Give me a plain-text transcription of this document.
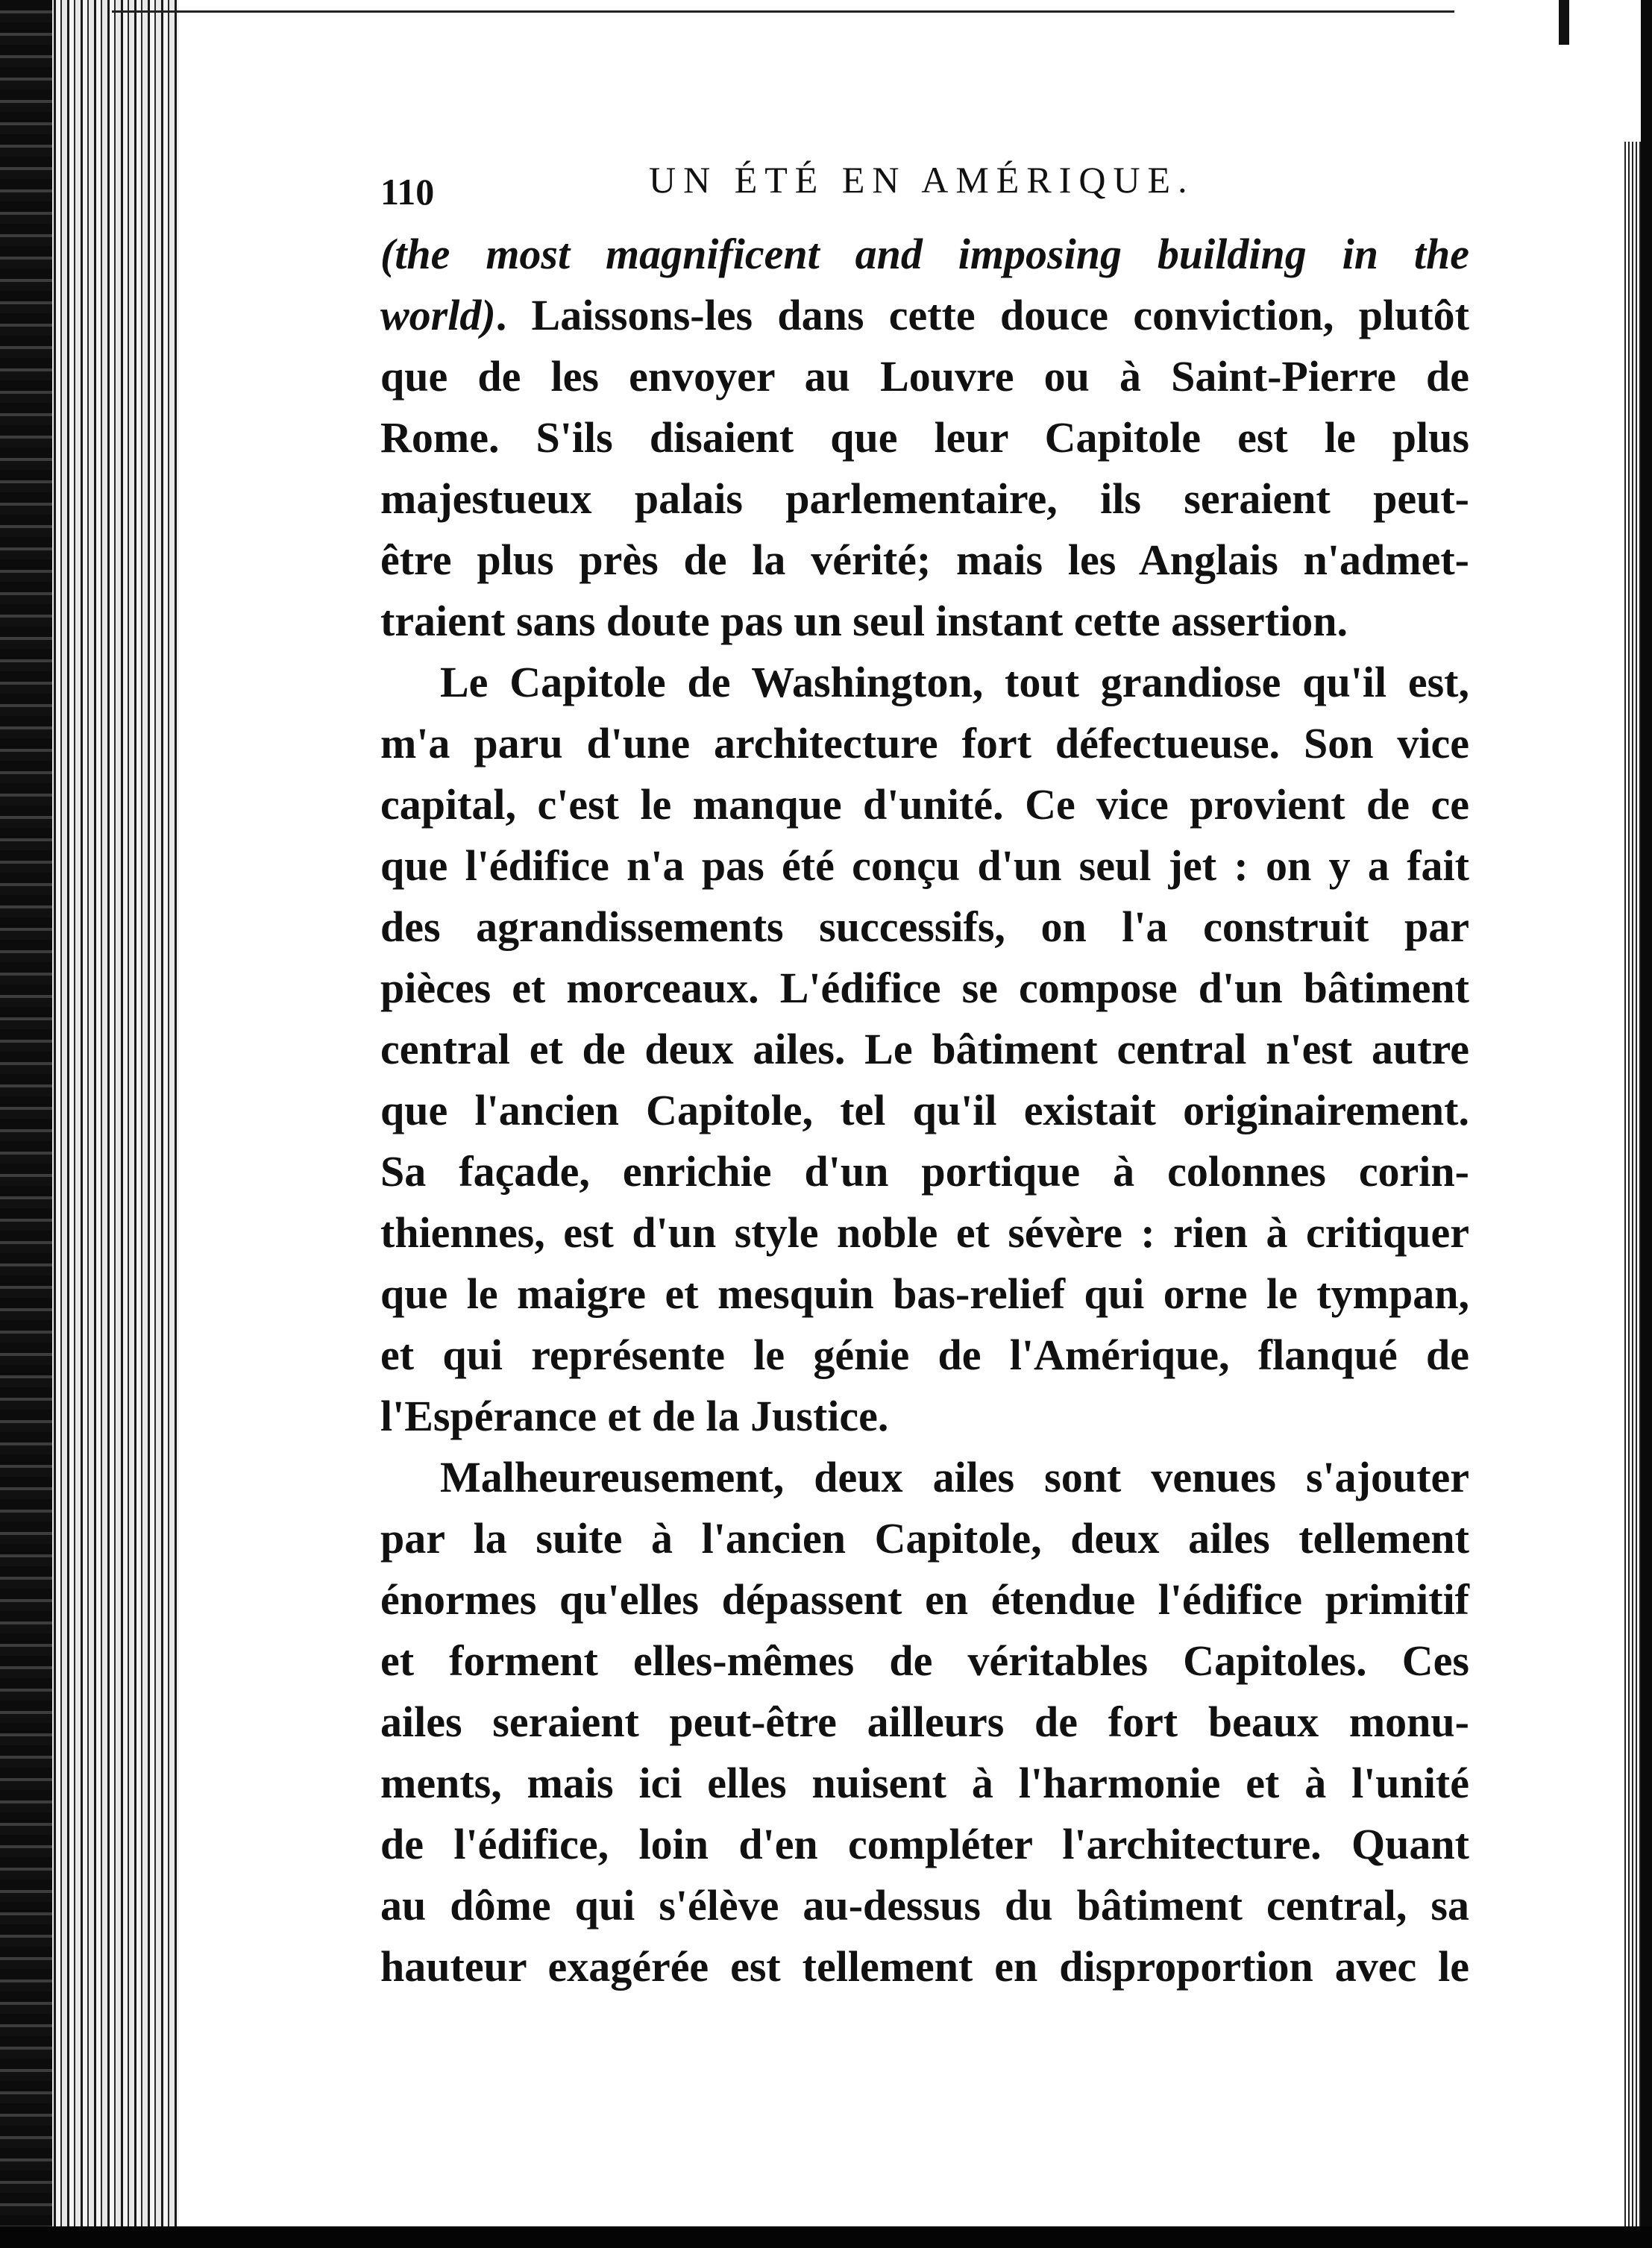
110	UN ÉTÉ EN AMÉRIQUE.
(the most magnificent and imposing building in the
world). Laissons-les dans cette douce conviction, plutôt
que de les envoyer au Louvre ou à Saint-Pierre de
Rome. S'ils disaient que leur Capitole est le plus
majestueux palais parlementaire, ils seraient peut-
être plus près de la vérité; mais les Anglais n'admet-
traient sans doute pas un seul instant cette assertion.
Le Capitole de Washington, tout grandiose qu'il est,
m'a paru d'une architecture fort défectueuse. Son vice
capital, c'est le manque d'unité. Ce vice provient de ce
que l'édifice n'a pas été conçu d'un seul jet : on y a fait
des agrandissements successifs, on l'a construit par
pièces et morceaux. L'édifice se compose d'un bâtiment
central et de deux ailes. Le bâtiment central n'est autre
que l'ancien Capitole, tel qu'il existait originairement.
Sa façade, enrichie d'un portique à colonnes corin-
thiennes, est d'un style noble et sévère : rien à critiquer
que le maigre et mesquin bas-relief qui orne le tympan,
et qui représente le génie de l'Amérique, flanqué de
l'Espérance et de la Justice.
Malheureusement, deux ailes sont venues s'ajouter
par la suite à l'ancien Capitole, deux ailes tellement
énormes qu'elles dépassent en étendue l'édifice primitif
et forment elles-mêmes de véritables Capitoles. Ces
ailes seraient peut-être ailleurs de fort beaux monu-
ments, mais ici elles nuisent à l'harmonie et à l'unité
de l'édifice, loin d'en compléter l'architecture. Quant
au dôme qui s'élève au-dessus du bâtiment central, sa
hauteur exagérée est tellement en disproportion avec le
